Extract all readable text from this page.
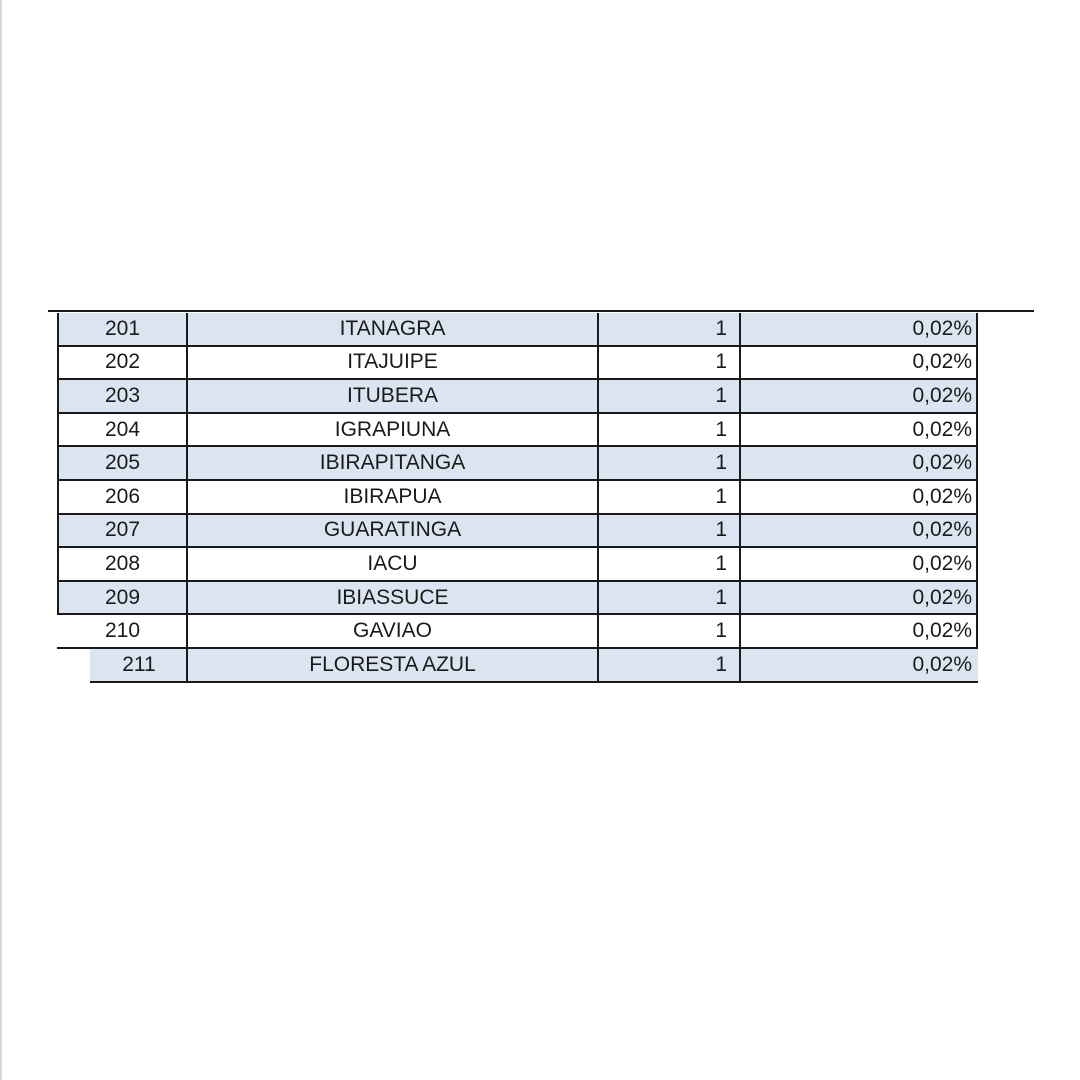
201	ITANAGRA	1	0,02%
202	ITAJUIPE	1	0,02%
203	ITUBERA	1	0,02%
204	IGRAPIUNA	1	0,02%
205	IBIRAPITANGA	1	0,02%
206	IBIRAPUA	1	0,02%
207	GUARATINGA	1	0,02%
208	IACU	1	0,02%
209	IBIASSUCE	1	0,02%
210	GAVIAO	1	0,02%
211	FLORESTA AZUL	1	0,02%
